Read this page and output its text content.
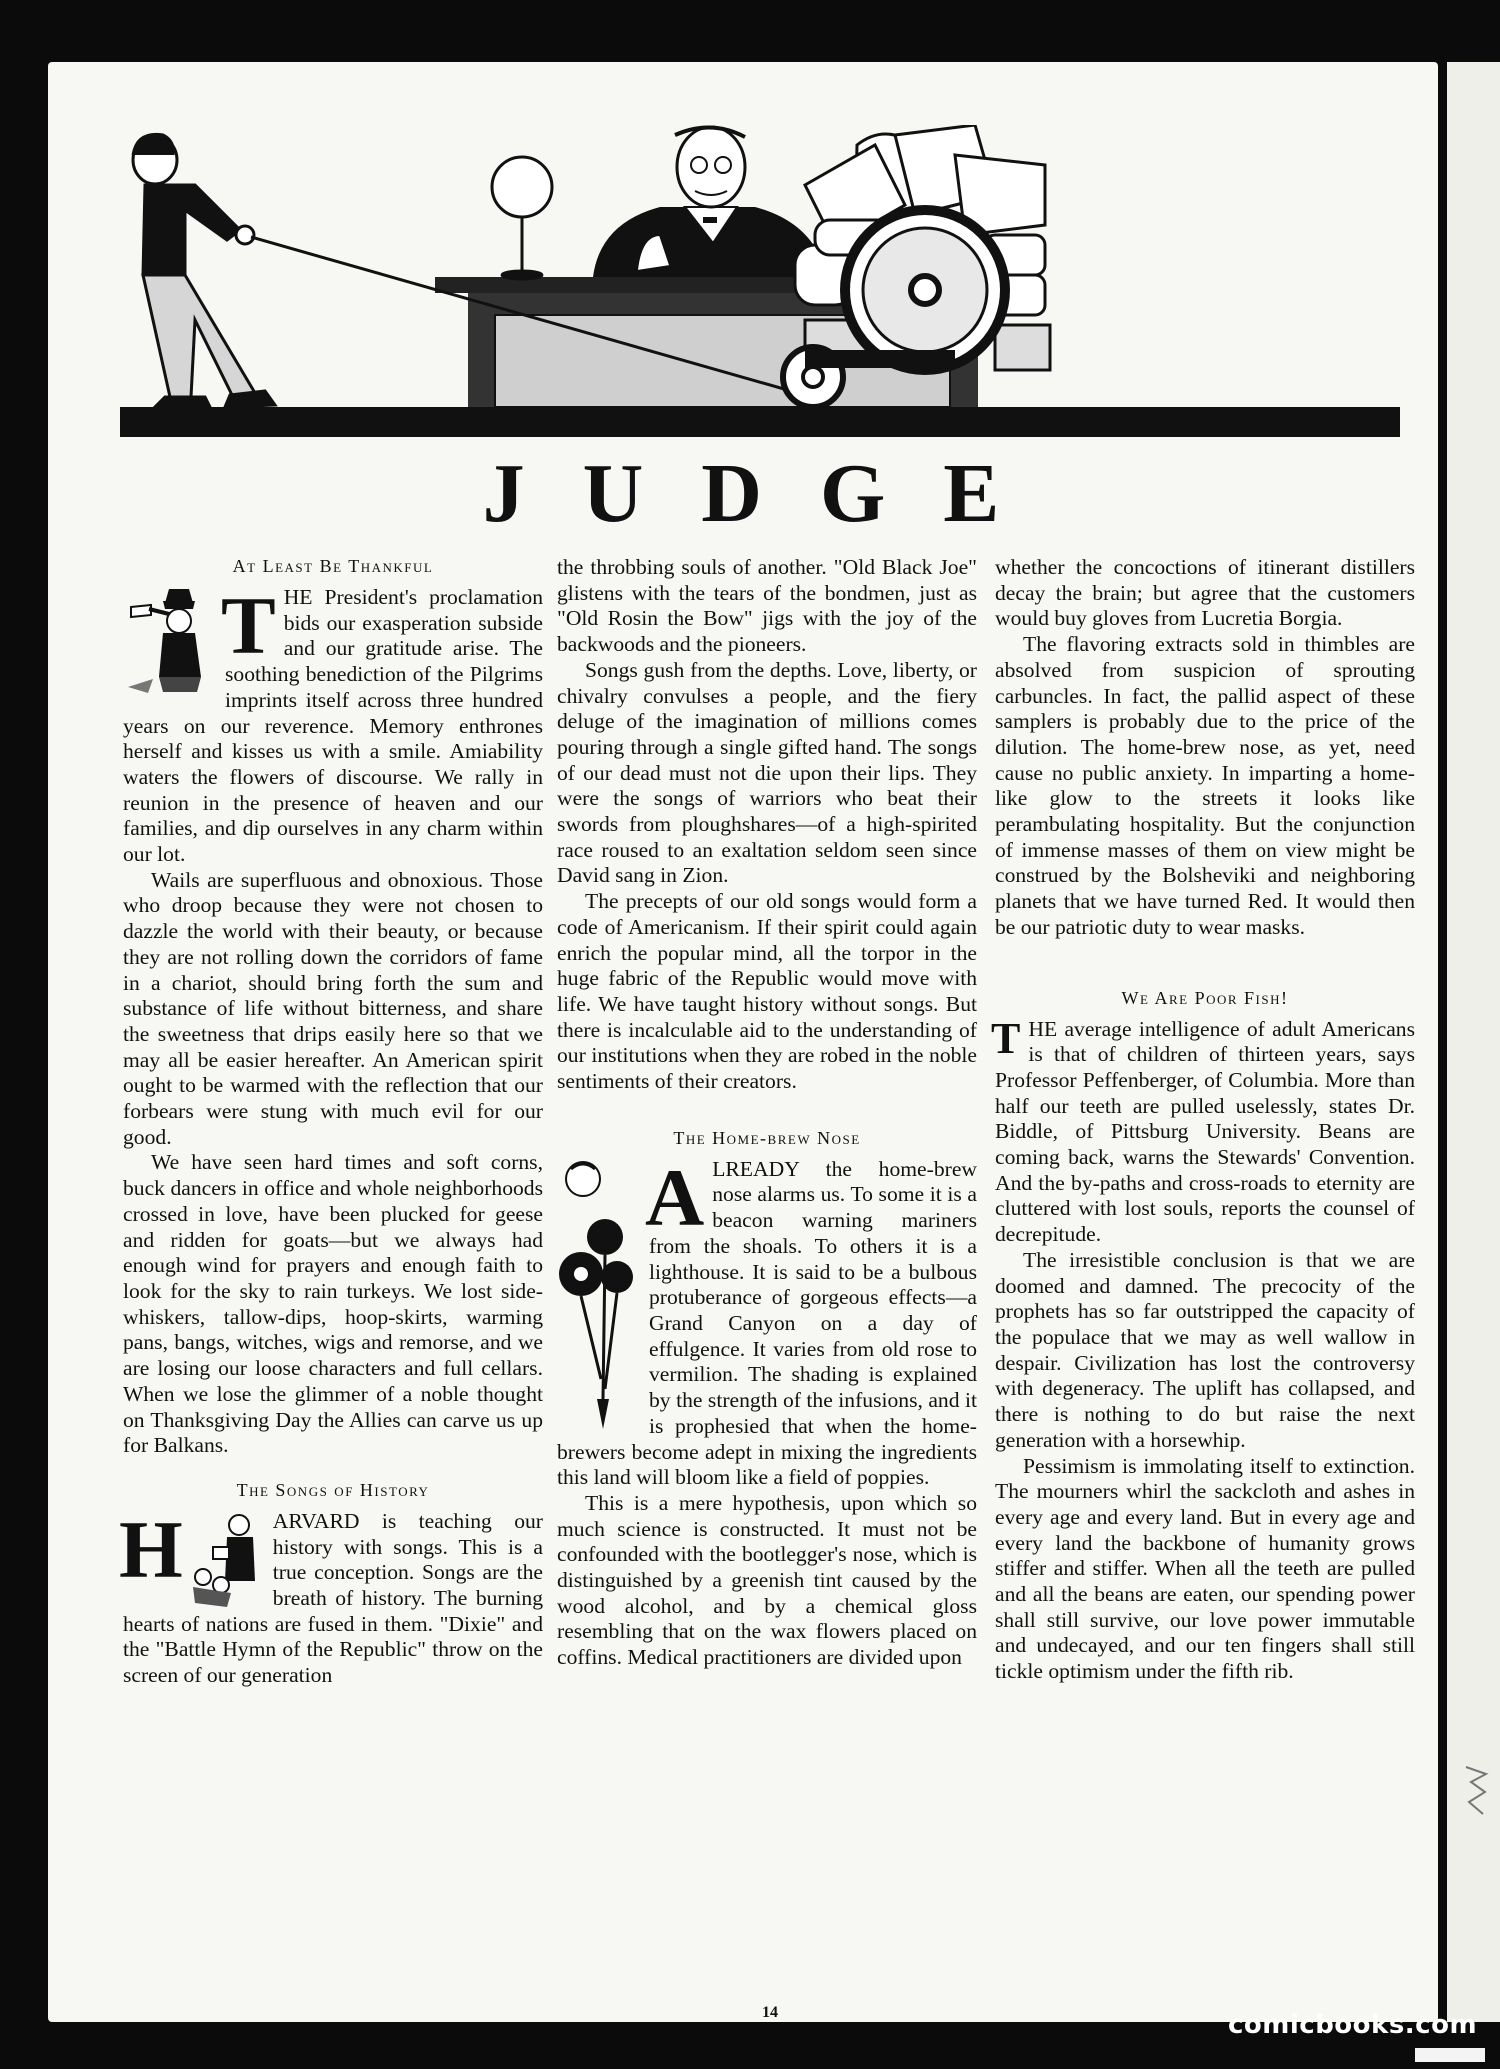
JUDGE
At Least Be Thankful
T HE President's proclamation bids our exasperation subside and our gratitude arise. The soothing benediction of the Pilgrims imprints itself across three hundred years on our reverence. Memory enthrones herself and kisses us with a smile. Amiability waters the flowers of discourse. We rally in reunion in the presence of heaven and our families, and dip ourselves in any charm within our lot.

Wails are superfluous and obnoxious. Those who droop because they were not chosen to dazzle the world with their beauty, or because they are not rolling down the corridors of fame in a chariot, should bring forth the sum and substance of life without bitterness, and share the sweetness that drips easily here so that we may all be easier hereafter. An American spirit ought to be warmed with the reflection that our forbears were stung with much evil for our good.

We have seen hard times and soft corns, buck dancers in office and whole neighborhoods crossed in love, have been plucked for geese and ridden for goats—but we always had enough wind for prayers and enough faith to look for the sky to rain turkeys. We lost side-whiskers, tallow-dips, hoop-skirts, warming pans, bangs, witches, wigs and remorse, and we are losing our loose characters and full cellars. When we lose the glimmer of a noble thought on Thanksgiving Day the Allies can carve us up for Balkans.

The Songs of History
H	ARVARD is teaching our history with songs. This is a true conception. Songs are the breath of history. The burning hearts of nations are fused in them. "Dixie" and the "Battle Hymn of the Republic" throw on the screen of our generation

the throbbing souls of another. "Old Black Joe" glistens with the tears of the bondmen, just as "Old Rosin the Bow" jigs with the joy of the backwoods and the pioneers.

Songs gush from the depths. Love, liberty, or chivalry convulses a people, and the fiery deluge of the imagination of millions comes pouring through a single gifted hand. The songs of our dead must not die upon their lips. They were the songs of warriors who beat their swords from ploughshares—of a high-spirited race roused to an exaltation seldom seen since David sang in Zion.

The precepts of our old songs would form a code of Americanism. If their spirit could again enrich the popular mind, all the torpor in the huge fabric of the Republic would move with life. We have taught history without songs. But there is incalculable aid to the understanding of our institutions when they are robed in the noble sentiments of their creators.

The Home-brew Nose
A LREADY the home-brew nose alarms us. To some it is a beacon warning mariners from the shoals. To others it is a lighthouse. It is said to be a bulbous protuberance of gorgeous effects—a Grand Canyon on a day of effulgence. It varies from old rose to vermilion. The shading is explained by the strength of the infusions, and it is prophesied that when the home-brewers become adept in mixing the ingredients this land will bloom like a field of poppies.

This is a mere hypothesis, upon which so much science is constructed. It must not be confounded with the bootlegger's nose, which is distinguished by a greenish tint caused by the wood alcohol, and by a chemical gloss resembling that on the wax flowers placed on coffins. Medical practitioners are divided upon

whether the concoctions of itinerant distillers decay the brain; but agree that the customers would buy gloves from Lucretia Borgia.

The flavoring extracts sold in thimbles are absolved from suspicion of sprouting carbuncles. In fact, the pallid aspect of these samplers is probably due to the price of the dilution. The home-brew nose, as yet, need cause no public anxiety. In imparting a home-like glow to the streets it looks like perambulating hospitality. But the conjunction of immense masses of them on view might be construed by the Bolsheviki and neighboring planets that we have turned Red. It would then be our patriotic duty to wear masks.

We Are Poor Fish!
T HE average intelligence of adult Americans is that of children of thirteen years, says Professor Peffenberger, of Columbia. More than half our teeth are pulled uselessly, states Dr. Biddle, of Pittsburg University. Beans are coming back, warns the Stewards' Convention. And the by-paths and cross-roads to eternity are cluttered with lost souls, reports the counsel of decrepitude.

The irresistible conclusion is that we are doomed and damned. The precocity of the prophets has so far outstripped the capacity of the populace that we may as well wallow in despair. Civilization has lost the controversy with degeneracy. The uplift has collapsed, and there is nothing to do but raise the next generation with a horsewhip.

Pessimism is immolating itself to extinction. The mourners whirl the sackcloth and ashes in every age and every land. But in every age and every land the backbone of humanity grows stiffer and stiffer. When all the teeth are pulled and all the beans are eaten, our spending power shall still survive, our love power immutable and undecayed, and our ten fingers shall still tickle optimism under the fifth rib.

14	comicbooks.com
